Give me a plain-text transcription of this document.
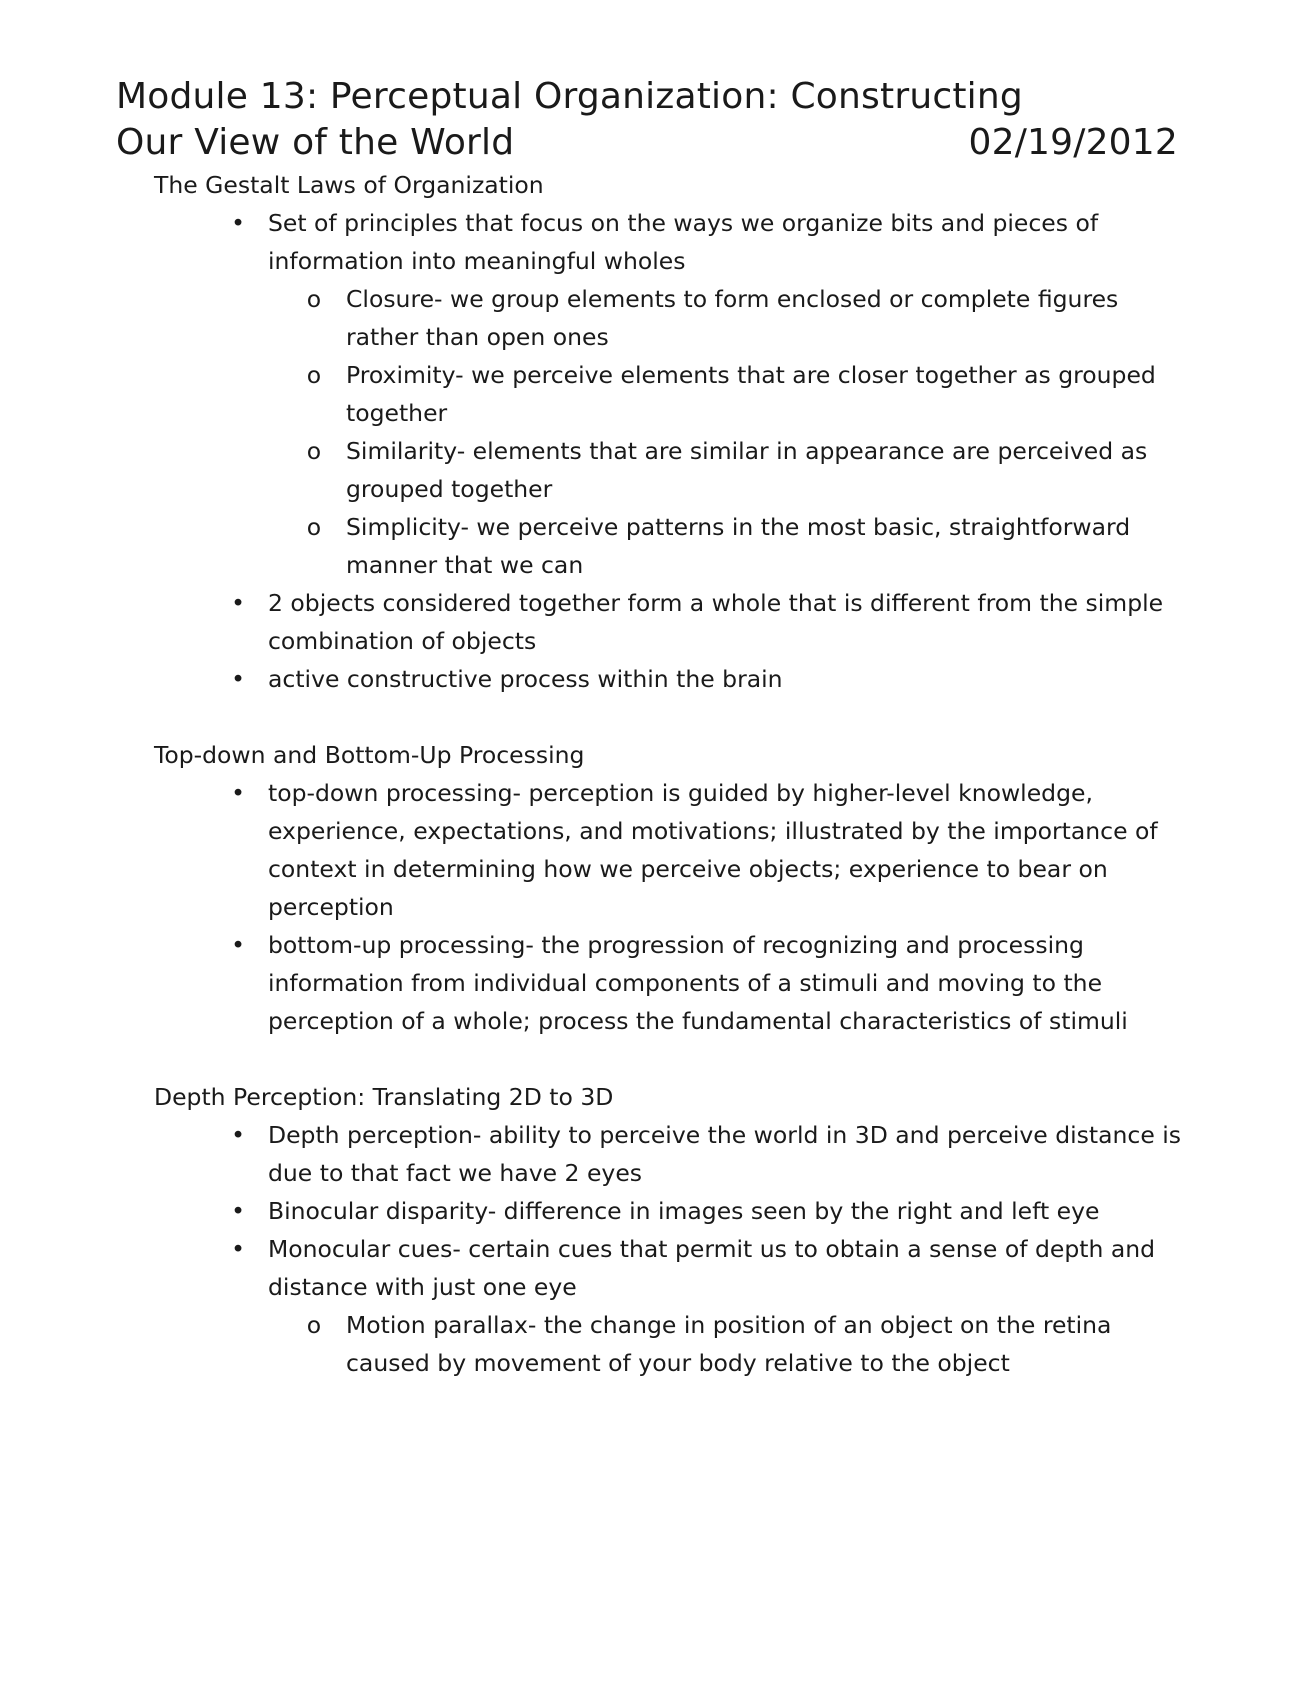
Module 13: Perceptual Organization: Constructing
Our View of the World	02/19/2012

The Gestalt Laws of Organization

• Set of principles that focus on the ways we organize bits and pieces of information into meaningful wholes
o Closure- we group elements to form enclosed or complete figures rather than open ones
o Proximity- we perceive elements that are closer together as grouped together
o Similarity- elements that are similar in appearance are perceived as grouped together
o Simplicity- we perceive patterns in the most basic, straightforward manner that we can
• 2 objects considered together form a whole that is different from the simple combination of objects
• active constructive process within the brain

Top-down and Bottom-Up Processing

• top-down processing- perception is guided by higher-level knowledge, experience, expectations, and motivations; illustrated by the importance of context in determining how we perceive objects; experience to bear on perception
• bottom-up processing- the progression of recognizing and processing information from individual components of a stimuli and moving to the perception of a whole; process the fundamental characteristics of stimuli

Depth Perception: Translating 2D to 3D

• Depth perception- ability to perceive the world in 3D and perceive distance is due to that fact we have 2 eyes
• Binocular disparity- difference in images seen by the right and left eye
• Monocular cues- certain cues that permit us to obtain a sense of depth and distance with just one eye
o Motion parallax- the change in position of an object on the retina caused by movement of your body relative to the object
